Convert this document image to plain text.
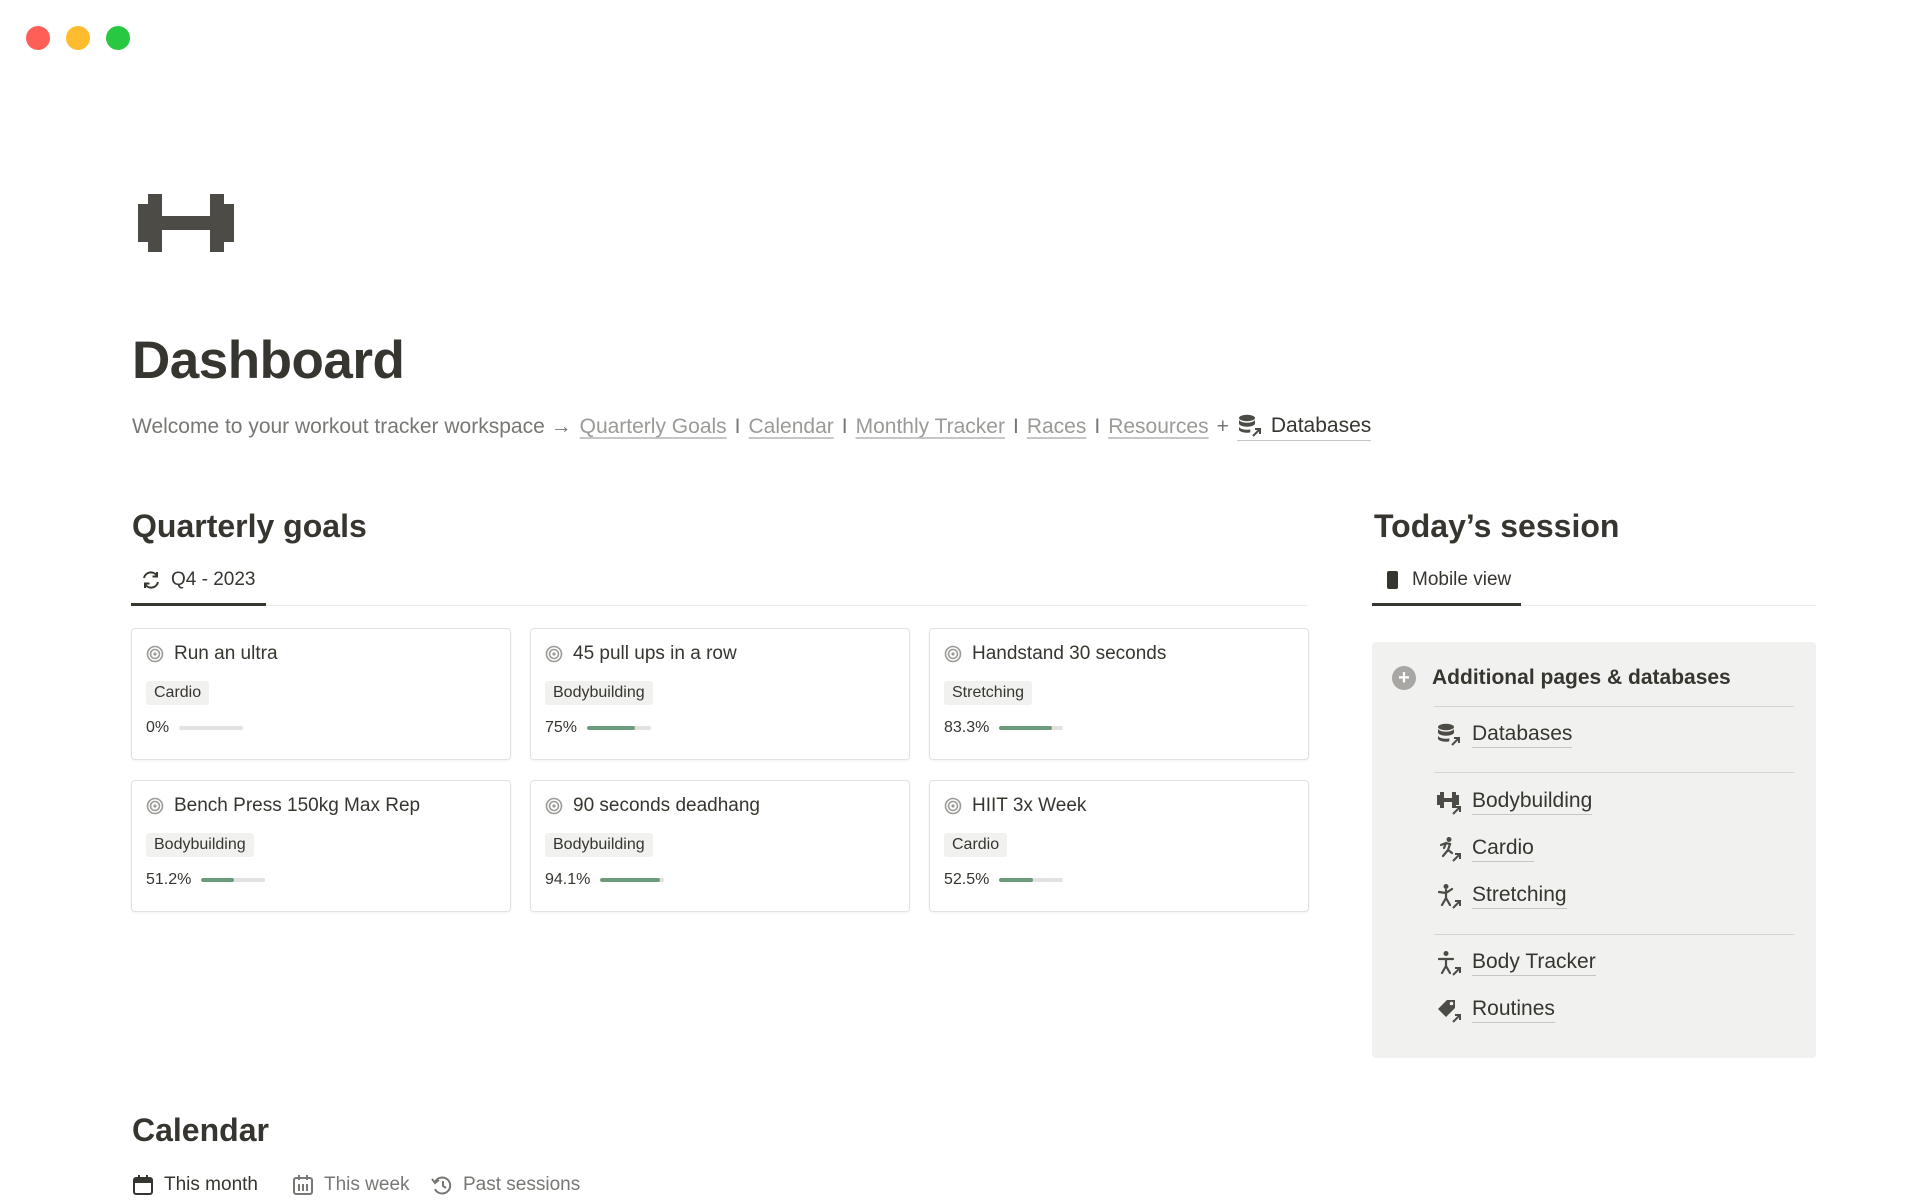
Dashboard
Welcome to your workout tracker workspace → Quarterly Goals I Calendar I Monthly Tracker I Races I Resources + Databases
Quarterly goals
Q4 - 2023
Run an ultra
Cardio
0%
45 pull ups in a row
Bodybuilding
75%
Handstand 30 seconds
Stretching
83.3%
Bench Press 150kg Max Rep
Bodybuilding
51.2%
90 seconds deadhang
Bodybuilding
94.1%
HIIT 3x Week
Cardio
52.5%
Today’s session
Mobile view
+ Additional pages & databases
Databases
Bodybuilding
Cardio
Stretching
Body Tracker
Routines
Calendar
This month	This week	Past sessions
